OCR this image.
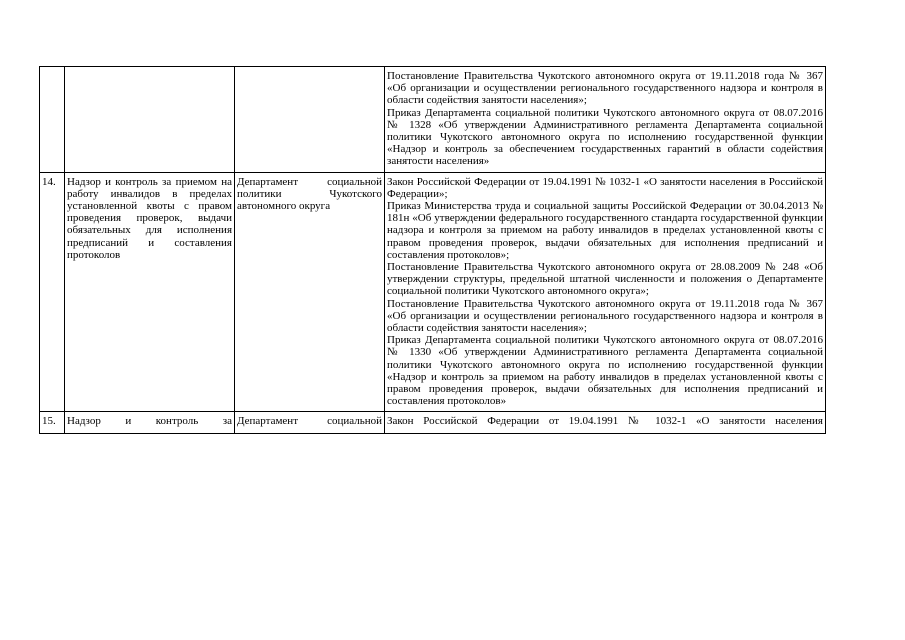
			Постановление Правительства Чукотского автономного округа от 19.11.2018 года № 367 «Об организации и осуществлении регионального государственного надзора и контроля в области содействия занятости населения»;
Приказ Департамента социальной политики Чукотского автономного округа от 08.07.2016 № 1328 «Об утверждении Административного регламента Департамента социальной политики Чукотского автономного округа по исполнению государственной функции «Надзор и контроль за обеспечением государственных гарантий в области содействия занятости населения»

14.	Надзор и контроль за приемом на работу инвалидов в пределах установленной квоты с правом проведения проверок, выдачи обязательных для исполнения предписаний и составления протоколов	Департамент социальной политики Чукотского автономного округа	Закон Российской Федерации от 19.04.1991 № 1032-1 «О занятости населения в Российской Федерации»;
Приказ Министерства труда и социальной защиты Российской Федерации от 30.04.2013 № 181н «Об утверждении федерального государственного стандарта государственной функции надзора и контроля за приемом на работу инвалидов в пределах установленной квоты с правом проведения проверок, выдачи обязательных для исполнения предписаний и составления протоколов»;
Постановление Правительства Чукотского автономного округа от 28.08.2009 № 248 «Об утверждении структуры, предельной штатной численности и положения о Департаменте социальной политики Чукотского автономного округа»;
Постановление Правительства Чукотского автономного округа от 19.11.2018 года № 367 «Об организации и осуществлении регионального государственного надзора и контроля в области содействия занятости населения»;
Приказ Департамента социальной политики Чукотского автономного округа от 08.07.2016 № 1330 «Об утверждении Административного регламента Департамента социальной политики Чукотского автономного округа по исполнению государственной функции «Надзор и контроль за приемом на работу инвалидов в пределах установленной квоты с правом проведения проверок, выдачи обязательных для исполнения предписаний и составления протоколов»

15.	Надзор и контроль за	Департамент социальной	Закон Российской Федерации от 19.04.1991 № 1032-1 «О занятости населения
